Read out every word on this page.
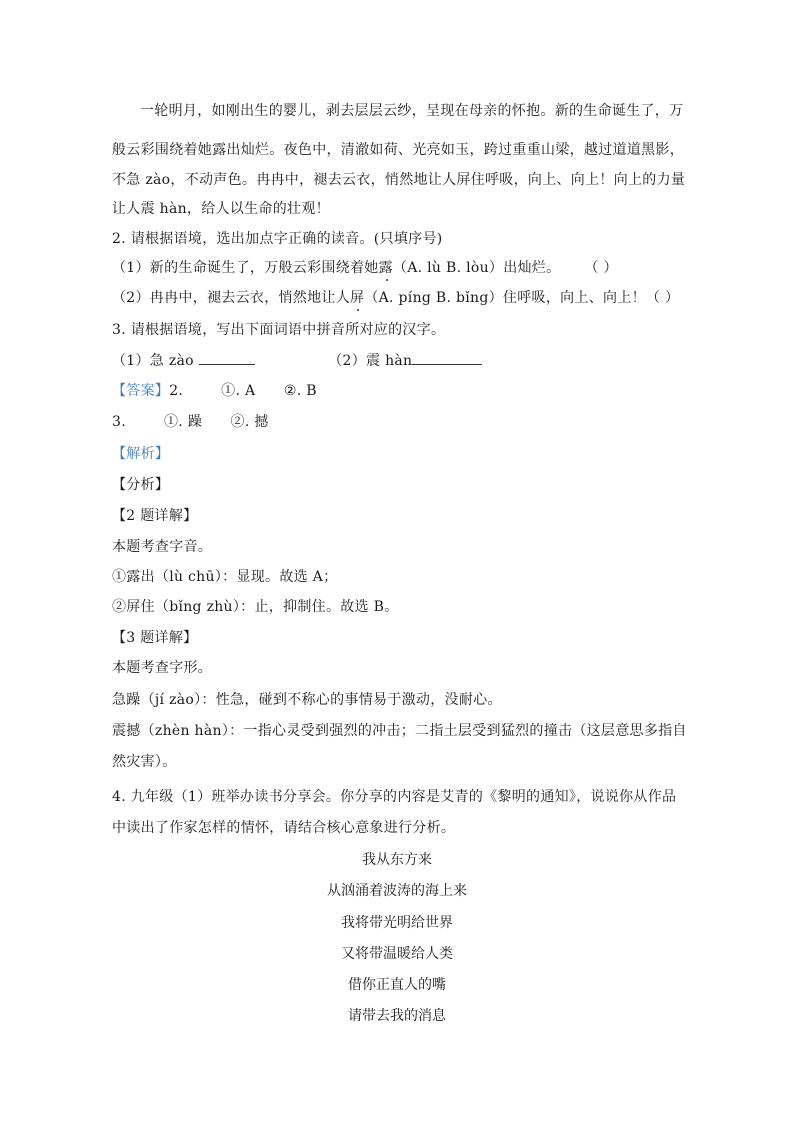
一轮明月，如刚出生的婴儿，剥去层层云纱，呈现在母亲的怀抱。新的生命诞生了，万
般云彩围绕着她露出灿烂。夜色中，清澈如荷、光亮如玉，跨过重重山梁，越过道道黑影，
不急 zào，不动声色。冉冉中，褪去云衣，悄然地让人屏住呼吸，向上、向上！向上的力量
让人震 hàn，给人以生命的壮观！
2. 请根据语境，选出加点字正确的读音。(只填序号)
（1）新的生命诞生了，万般云彩围绕着她露（A. lù B. lòu）出灿烂。 （ ）
（2）冉冉中，褪去云衣，悄然地让人屏（A. píng B. bǐng）住呼吸，向上、向上！（ ）
3. 请根据语境，写出下面词语中拼音所对应的汉字。
（1）急 zào	（2）震 hàn
【答案】2.        ①. A      ②. B
3.        ①. 躁      ②. 撼
【解析】
【分析】
【2 题详解】
本题考查字音。
①露出（lù chū）：显现。故选 A；
②屏住（bǐng zhù）：止，抑制住。故选 B。
【3 题详解】
本题考查字形。
急躁（jí zào）：性急，碰到不称心的事情易于激动，没耐心。
震撼（zhèn hàn）：一指心灵受到强烈的冲击；二指土层受到猛烈的撞击（这层意思多指自
然灾害）。
4. 九年级（1）班举办读书分享会。你分享的内容是艾青的《黎明的通知》，说说你从作品
中读出了作家怎样的情怀，请结合核心意象进行分析。
我从东方来
从汹涌着波涛的海上来
我将带光明给世界
又将带温暖给人类
借你正直人的嘴
请带去我的消息
